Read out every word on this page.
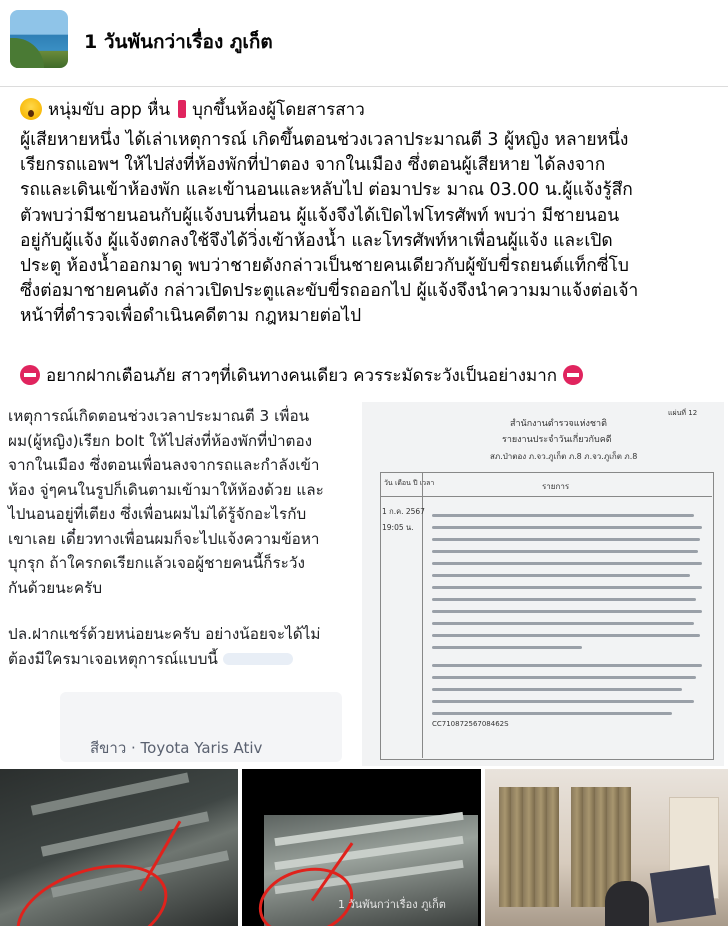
1 วันพันกว่าเรื่อง ภูเก็ต
หนุ่มขับ app หื่น บุกขึ้นห้องผู้โดยสารสาว
ผู้เสียหายหนึ่ง ได้เล่าเหตุการณ์ เกิดขึ้นตอนช่วงเวลาประมาณตี 3 ผู้หญิง หลายหนึ่ง
เรียกรถแอพฯ ให้ไปส่งที่ห้องพักที่ป่าตอง จากในเมือง ซึ่งตอนผู้เสียหาย ได้ลงจาก
รถและเดินเข้าห้องพัก และเข้านอนและหลับไป ต่อมาประ มาณ 03.00 น.ผู้แจ้งรู้สึก
ตัวพบว่ามีชายนอนกับผู้แจ้งบนที่นอน ผู้แจ้งจึงได้เปิดไฟโทรศัพท์ พบว่า มีชายนอน
อยู่กับผู้แจ้ง ผู้แจ้งตกลงใช้จึงได้วิ่งเข้าห้องน้ำ และโทรศัพท์หาเพื่อนผู้แจ้ง และเปิด
ประตู ห้องน้ำออกมาดู พบว่าชายดังกล่าวเป็นชายคนเดียวกับผู้ขับขี่รถยนต์แท็กซี่โบ
ซึ่งต่อมาชายคนดัง กล่าวเปิดประตูและขับขี่รถออกไป ผู้แจ้งจึงนำความมาแจ้งต่อเจ้า
หน้าที่ตำรวจเพื่อดำเนินคดีตาม กฎหมายต่อไป
อยากฝากเตือนภัย สาวๆที่เดินทางคนเดียว ควรระมัดระวังเป็นอย่างมาก
เหตุการณ์เกิดตอนช่วงเวลาประมาณตี 3 เพื่อน
ผม(ผู้หญิง)เรียก bolt ให้ไปส่งที่ห้องพักที่ป่าตอง
จากในเมือง ซึ่งตอนเพื่อนลงจากรถและกำลังเข้า
ห้อง จู่ๆคนในรูปก็เดินตามเข้ามาให้ห้องด้วย และ
ไปนอนอยู่ที่เตียง ซึ่งเพื่อนผมไม่ได้รู้จักอะไรกับ
เขาเลย เดี๋ยวทางเพื่อนผมก็จะไปแจ้งความข้อหา
บุกรุก ถ้าใครกดเรียกแล้วเจอผู้ชายคนนี้ก็ระวัง
กันด้วยนะครับ
ปล.ฝากแชร์ด้วยหน่อยนะครับ อย่างน้อยจะได้ไม่
ต้องมีใครมาเจอเหตุการณ์แบบนี้
สีขาว · Toyota Yaris Ativ
สำนักงานตำรวจแห่งชาติ
รายงานประจำวันเกี่ยวกับคดี
สภ.ป่าตอง ภ.จว.ภูเก็ต ภ.8 ภ.จว.ภูเก็ต ภ.8
แผ่นที่ 12
วัน เดือน ปี เวลา	รายการ
1 ก.ค. 2567
19:05 น.
CC71087256708462S
1 วันพันกว่าเรื่อง ภูเก็ต
